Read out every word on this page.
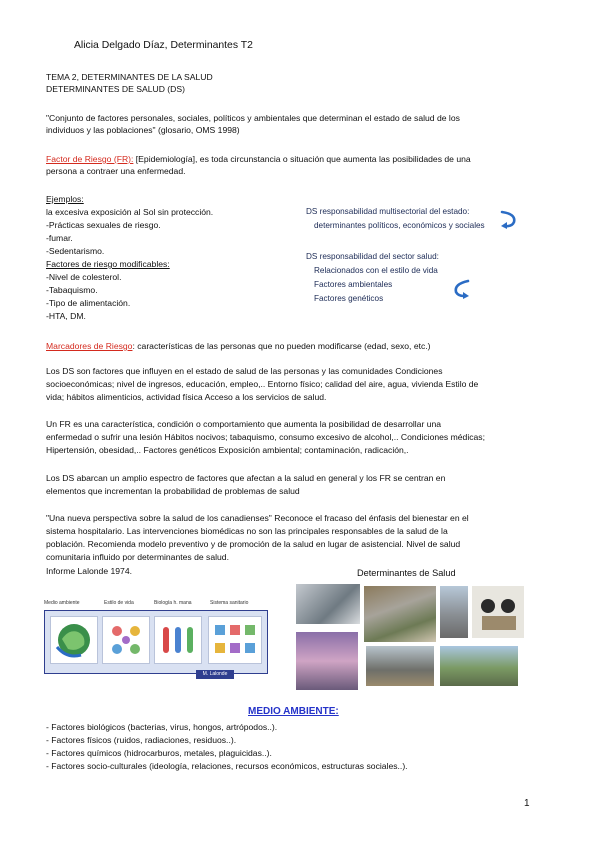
Alicia Delgado Díaz, Determinantes T2
TEMA 2, DETERMINANTES DE LA SALUD
DETERMINANTES DE SALUD (DS)
"Conjunto de factores personales, sociales, políticos y ambientales que determinan el estado de salud de los
individuos y las poblaciones" (glosario, OMS 1998)
Factor de Riesgo (FR): [Epidemiología], es toda circunstancia o situación que aumenta las posibilidades de una
persona a contraer una enfermedad.
Ejemplos:
la excesiva exposición al Sol sin protección.
-Prácticas sexuales de riesgo.
-fumar.
-Sedentarismo.
Factores de riesgo modificables:
-Nivel de colesterol.
-Tabaquismo.
-Tipo de alimentación.
-HTA, DM.
DS responsabilidad multisectorial del estado:
determinantes políticos, económicos y sociales
DS responsabilidad del sector salud:
Relacionados con el estilo de vida
Factores ambientales
Factores genéticos
Marcadores de Riesgo: características de las personas que no pueden modificarse (edad, sexo, etc.)
Los DS son factores que influyen en el estado de salud de las personas y las comunidades Condiciones
socioeconómicas; nivel de ingresos, educación, empleo,.. Entorno físico; calidad del aire, agua, vivienda Estilo de
vida; hábitos alimenticios, actividad física Acceso a los servicios de salud.
Un FR es una característica, condición o comportamiento que aumenta la posibilidad de desarrollar una
enfermedad o sufrir una lesión Hábitos nocivos; tabaquismo, consumo excesivo de alcohol,.. Condiciones médicas;
Hipertensión, obesidad,.. Factores genéticos Exposición ambiental; contaminación, radicación,.
Los DS abarcan un amplio espectro de factores que afectan a la salud en general y los FR se centran en
elementos que incrementan la probabilidad de problemas de salud
"Una nueva perspectiva sobre la salud de los canadienses" Reconoce el fracaso del énfasis del bienestar en el
sistema hospitalario. Las intervenciones biomédicas no son las principales responsables de la salud de la
población. Recomienda modelo preventivo y de promoción de la salud en lugar de asistencial. Nivel de salud
comunitaria influido por determinantes de salud.
Informe Lalonde 1974.
Medio ambiente	Estilo de vida	Biología h. mana	Sistema sanitario
M. Lalonde
Determinantes de Salud
MEDIO AMBIENTE:
- Factores biológicos (bacterias, virus, hongos, artrópodos..).
- Factores físicos (ruidos, radiaciones, residuos..).
- Factores químicos (hidrocarburos, metales, plaguicidas..).
- Factores socio-culturales (ideología, relaciones, recursos económicos, estructuras sociales..).
1
